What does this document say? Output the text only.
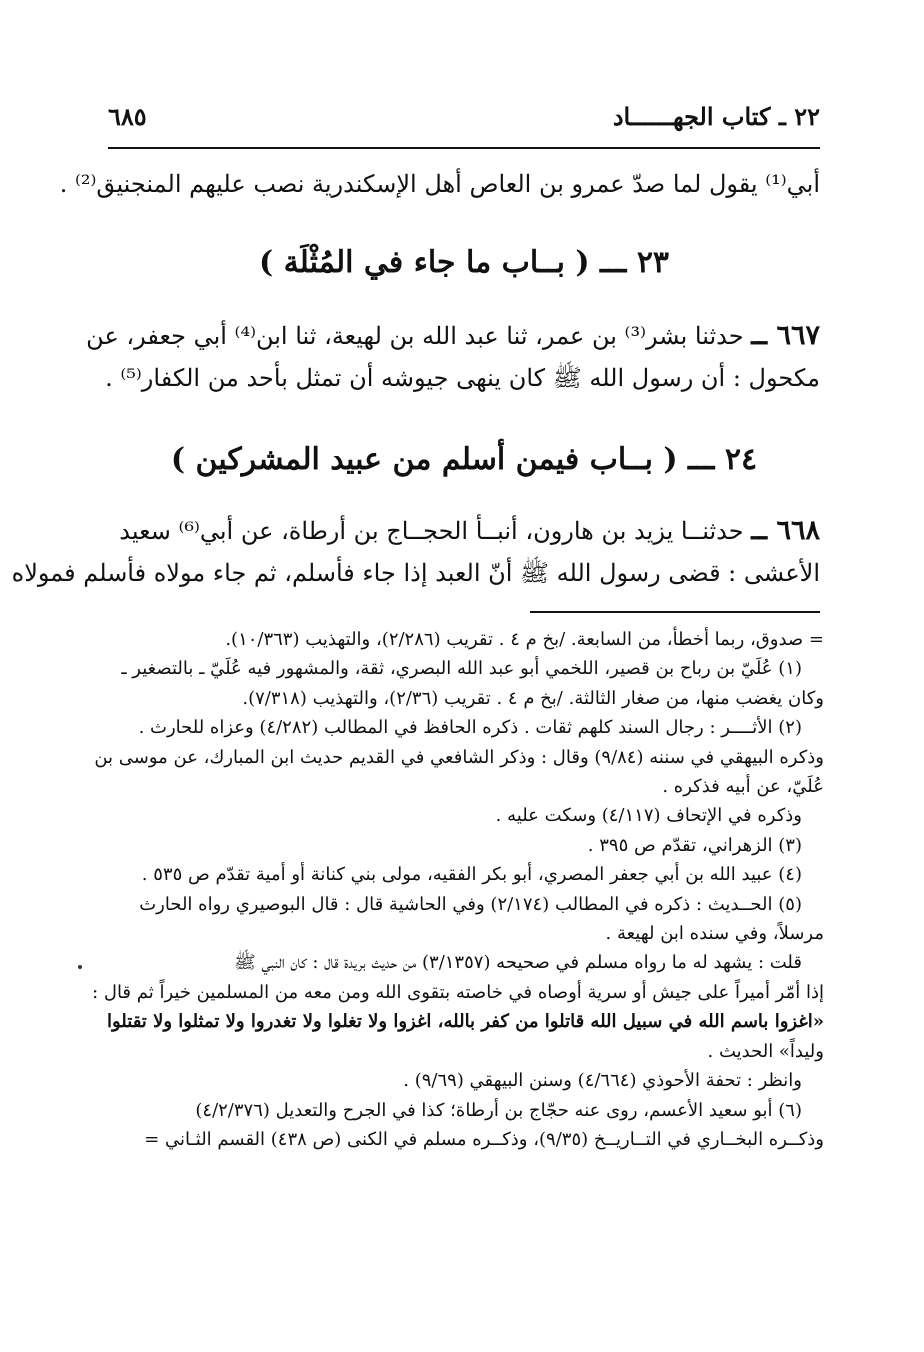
٢٢ ـ كتاب الجهــــــاد
٦٨٥
أبي⁽¹⁾ يقول لما صدّ عمرو بن العاص أهل الإسكندرية نصب عليهم المنجنيق⁽²⁾ .
٢٣ ـــ ( بــاب ما جاء في المُثْلَة )
٦٦٧ ــ حدثنا بشر⁽³⁾ بن عمر، ثنا عبد الله بن لهيعة، ثنا ابن⁽⁴⁾ أبي جعفر، عن
مكحول : أن رسول الله ﷺ كان ينهى جيوشه أن تمثل بأحد من الكفار⁽⁵⁾ .
٢٤ ـــ ( بــاب فيمن أسلم من عبيد المشركين )
٦٦٨ ــ حدثنــا يزيد بن هارون، أنبــأ الحجــاج بن أرطاة، عن أبي⁽⁶⁾ سعيد
الأعشى : قضى رسول الله ﷺ أنّ العبد إذا جاء فأسلم، ثم جاء مولاه فأسلم فمولاه
= صدوق، ربما أخطأ، من السابعة. /بخ م ٤ . تقريب (٢/٢٨٦)، والتهذيب (١٠/٣٦٣).
(١) عُلَيّ بن رباح بن قصير، اللخمي أبو عبد الله البصري، ثقة، والمشهور فيه عُلَيّ ـ بالتصغير ـ
وكان يغضب منها، من صغار الثالثة. /بخ م ٤ . تقريب (٢/٣٦)، والتهذيب (٧/٣١٨).
(٢) الأثــــر : رجال السند كلهم ثقات . ذكره الحافظ في المطالب (٤/٢٨٢) وعزاه للحارث .
وذكره البيهقي في سننه (٩/٨٤) وقال : وذكر الشافعي في القديم حديث ابن المبارك، عن موسى بن
عُلَيّ، عن أبيه فذكره .
وذكره في الإتحاف (٤/١١٧) وسكت عليه .
(٣) الزهراني، تقدّم ص ٣٩٥ .
(٤) عبيد الله بن أبي جعفر المصري، أبو بكر الفقيه، مولى بني كنانة أو أمية تقدّم ص ٥٣٥ .
(٥) الحــديث : ذكره في المطالب (٢/١٧٤) وفي الحاشية قال : قال البوصيري رواه الحارث
مرسلاً، وفي سنده ابن لهيعة .
قلت : يشهد له ما رواه مسلم في صحيحه (٣/١٣٥٧) من حديث بريدة قال : كان النبي ﷺ
إذا أمّر أميراً على جيش أو سرية أوصاه في خاصته بتقوى الله ومن معه من المسلمين خيراً ثم قال :
«اغزوا باسم الله في سبيل الله قاتلوا من كفر بالله، اغزوا ولا تغلوا ولا تغدروا ولا تمثلوا ولا تقتلوا
وليداً» الحديث .
وانظر : تحفة الأحوذي (٤/٦٦٤) وسنن البيهقي (٩/٦٩) .
(٦) أبو سعيد الأعسم، روى عنه حجّاج بن أرطاة؛ كذا في الجرح والتعديل (٤/٢/٣٧٦)
وذكــره البخــاري في التــاريــخ (٩/٣٥)، وذكــره مسلم في الكنى (ص ٤٣٨) القسم الثـاني =
